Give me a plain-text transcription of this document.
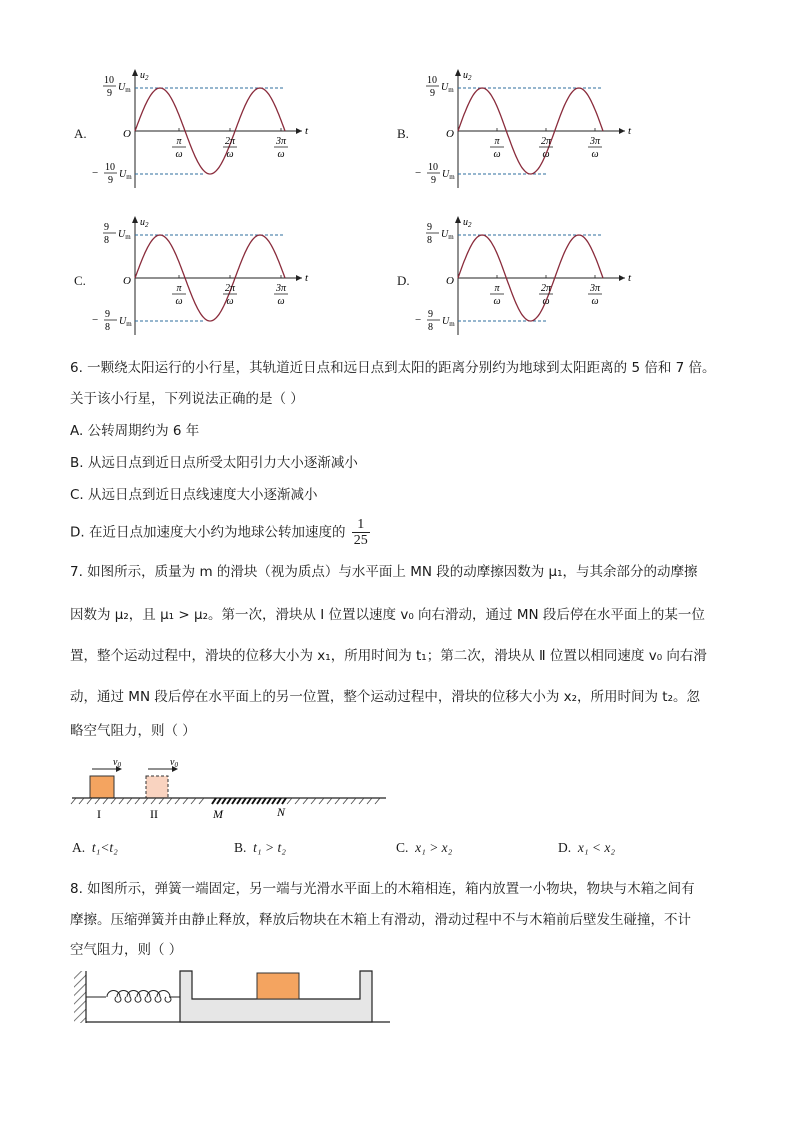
A.
$u_2$
t
O
10
9
$U_m$
− 10
9
$U_m$
π
ω
2π
ω
3π
ω
B.
$u_2$
t
O
10
9
$U_m$
− 10
9
$U_m$
π
ω
2π
ω
3π
ω
C.
$u_2$
t
O
9
8
$U_m$
− 9
8
$U_m$
π
ω
2π
ω
3π
ω
D.
$u_2$
t
O
9
8
$U_m$
− 9
8
$U_m$
π
ω
2π
ω
3π
ω
6. 一颗绕太阳运行的小行星，其轨道近日点和远日点到太阳的距离分别约为地球到太阳距离的 5 倍和 7 倍。
关于该小行星，下列说法正确的是（ ）
A. 公转周期约为 6 年
B. 从远日点到近日点所受太阳引力大小逐渐减小
C. 从远日点到近日点线速度大小逐渐减小
D. 在近日点加速度大小约为地球公转加速度的 $\frac{1}{25}$
7. 如图所示，质量为 m 的滑块（视为质点）与水平面上 MN 段的动摩擦因数为 μ₁，与其余部分的动摩擦
因数为 μ₂，且 μ₁ > μ₂。第一次，滑块从 Ⅰ 位置以速度 v₀ 向右滑动，通过 MN 段后停在水平面上的某一位
置，整个运动过程中，滑块的位移大小为 x₁，所用时间为 t₁；第二次，滑块从 Ⅱ 位置以相同速度 v₀ 向右滑
动，通过 MN 段后停在水平面上的另一位置，整个运动过程中，滑块的位移大小为 x₂，所用时间为 t₂。忽
略空气阻力，则（ ）
$v_0$	$v_0$
I	II	M	N
A. t₁<t₂	B. t₁ > t₂	C. x₁ > x₂	D. x₁ < x₂
8. 如图所示，弹簧一端固定，另一端与光滑水平面上的木箱相连，箱内放置一小物块，物块与木箱之间有
摩擦。压缩弹簧并由静止释放，释放后物块在木箱上有滑动，滑动过程中不与木箱前后壁发生碰撞，不计
空气阻力，则（ ）
